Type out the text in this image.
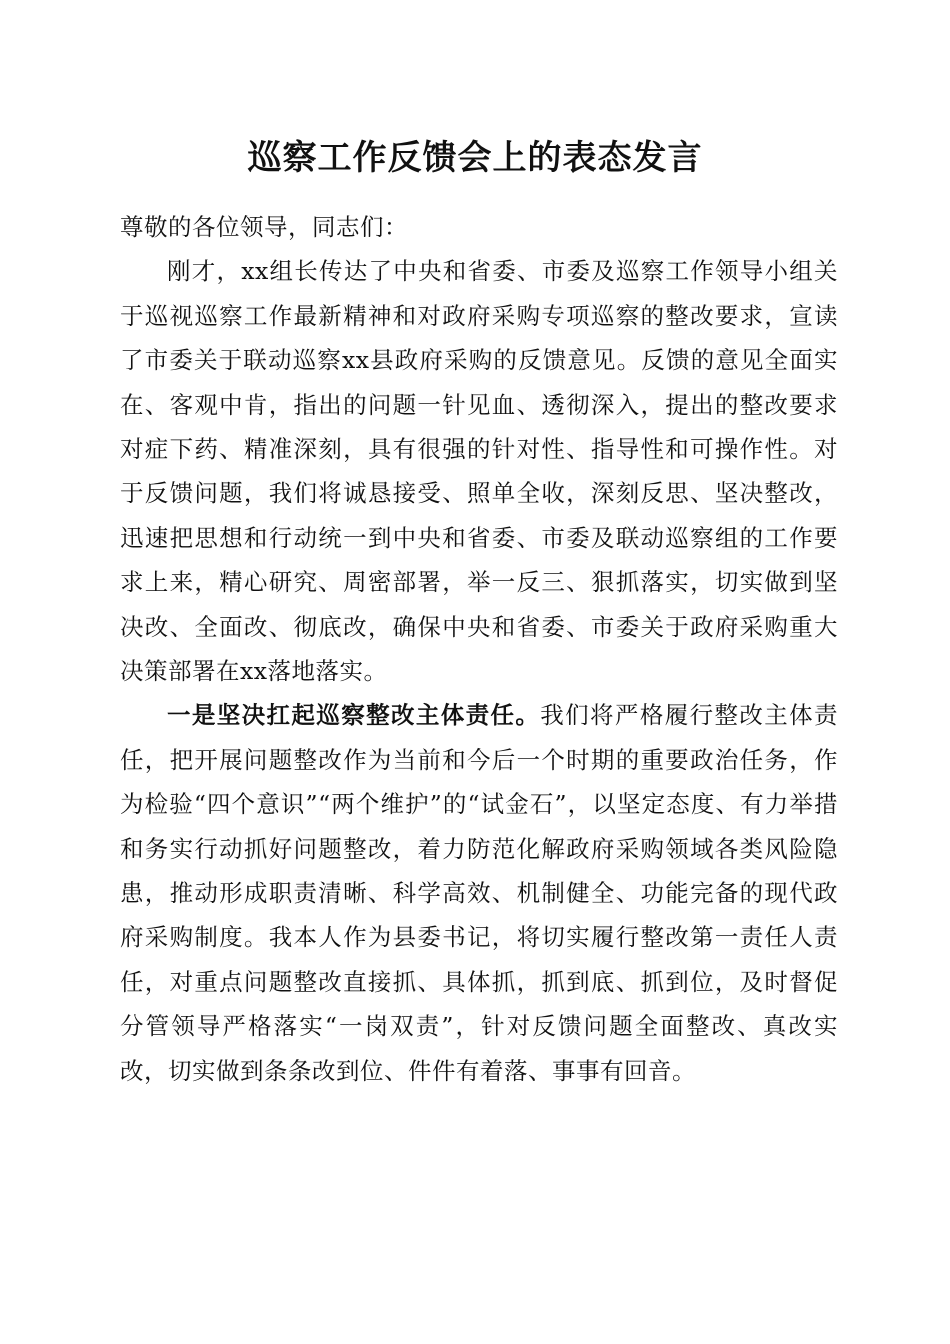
巡察工作反馈会上的表态发言

尊敬的各位领导，同志们：

刚才，xx组长传达了中央和省委、市委及巡察工作领导小组关于巡视巡察工作最新精神和对政府采购专项巡察的整改要求，宣读了市委关于联动巡察xx县政府采购的反馈意见。反馈的意见全面实在、客观中肯，指出的问题一针见血、透彻深入，提出的整改要求对症下药、精准深刻，具有很强的针对性、指导性和可操作性。对于反馈问题，我们将诚恳接受、照单全收，深刻反思、坚决整改，迅速把思想和行动统一到中央和省委、市委及联动巡察组的工作要求上来，精心研究、周密部署，举一反三、狠抓落实，切实做到坚决改、全面改、彻底改，确保中央和省委、市委关于政府采购重大决策部署在xx落地落实。

一是坚决扛起巡察整改主体责任。我们将严格履行整改主体责任，把开展问题整改作为当前和今后一个时期的重要政治任务，作为检验“四个意识”“两个维护”的“试金石”，以坚定态度、有力举措和务实行动抓好问题整改，着力防范化解政府采购领域各类风险隐患，推动形成职责清晰、科学高效、机制健全、功能完备的现代政府采购制度。我本人作为县委书记，将切实履行整改第一责任人责任，对重点问题整改直接抓、具体抓，抓到底、抓到位，及时督促分管领导严格落实“一岗双责”，针对反馈问题全面整改、真改实改，切实做到条条改到位、件件有着落、事事有回音。
